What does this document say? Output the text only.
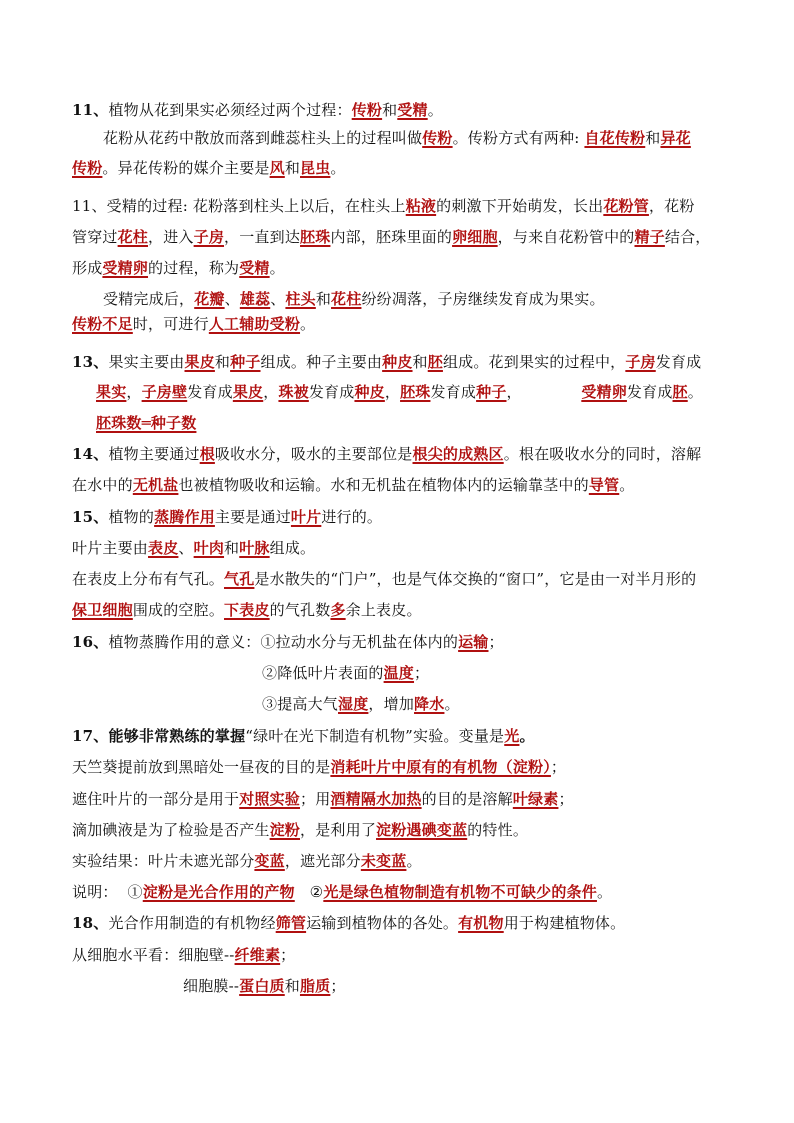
11、植物从花到果实必须经过两个过程：传粉和受精。
花粉从花药中散放而落到雌蕊柱头上的过程叫做传粉。传粉方式有两种: 自花传粉和异花
传粉。异花传粉的媒介主要是风和昆虫。
11、受精的过程: 花粉落到柱头上以后，在柱头上粘液的刺激下开始萌发，长出花粉管，花粉
管穿过花柱，进入子房，一直到达胚珠内部，胚珠里面的卵细胞，与来自花粉管中的精子结合，
形成受精卵的过程，称为受精。
受精完成后，花瓣、雄蕊、柱头和花柱纷纷凋落，子房继续发育成为果实。
传粉不足时，可进行人工辅助受粉。
13、果实主要由果皮和种子组成。种子主要由种皮和胚组成。花到果实的过程中，子房发育成
果实，子房壁发育成果皮，珠被发育成种皮，胚珠发育成种子，            受精卵发育成胚。
胚珠数═种子数
14、植物主要通过根吸收水分，吸水的主要部位是根尖的成熟区。根在吸收水分的同时，溶解
在水中的无机盐也被植物吸收和运输。水和无机盐在植物体内的运输靠茎中的导管。
15、植物的蒸腾作用主要是通过叶片进行的。
叶片主要由表皮、叶肉和叶脉组成。
在表皮上分布有气孔。气孔是水散失的“门户”，也是气体交换的“窗口”，它是由一对半月形的
保卫细胞围成的空腔。下表皮的气孔数多余上表皮。
16、植物蒸腾作用的意义：①拉动水分与无机盐在体内的运输；
②降低叶片表面的温度；
③提高大气湿度，增加降水。
17、能够非常熟练的掌握“绿叶在光下制造有机物”实验。变量是光。
天竺葵提前放到黑暗处一昼夜的目的是消耗叶片中原有的有机物（淀粉）；
遮住叶片的一部分是用于对照实验；用酒精隔水加热的目的是溶解叶绿素；
滴加碘液是为了检验是否产生淀粉，是利用了淀粉遇碘变蓝的特性。
实验结果：叶片未遮光部分变蓝，遮光部分未变蓝。
说明：  ①淀粉是光合作用的产物   ②光是绿色植物制造有机物不可缺少的条件。
18、光合作用制造的有机物经筛管运输到植物体的各处。有机物用于构建植物体。
从细胞水平看：细胞壁--纤维素；
细胞膜--蛋白质和脂质；
